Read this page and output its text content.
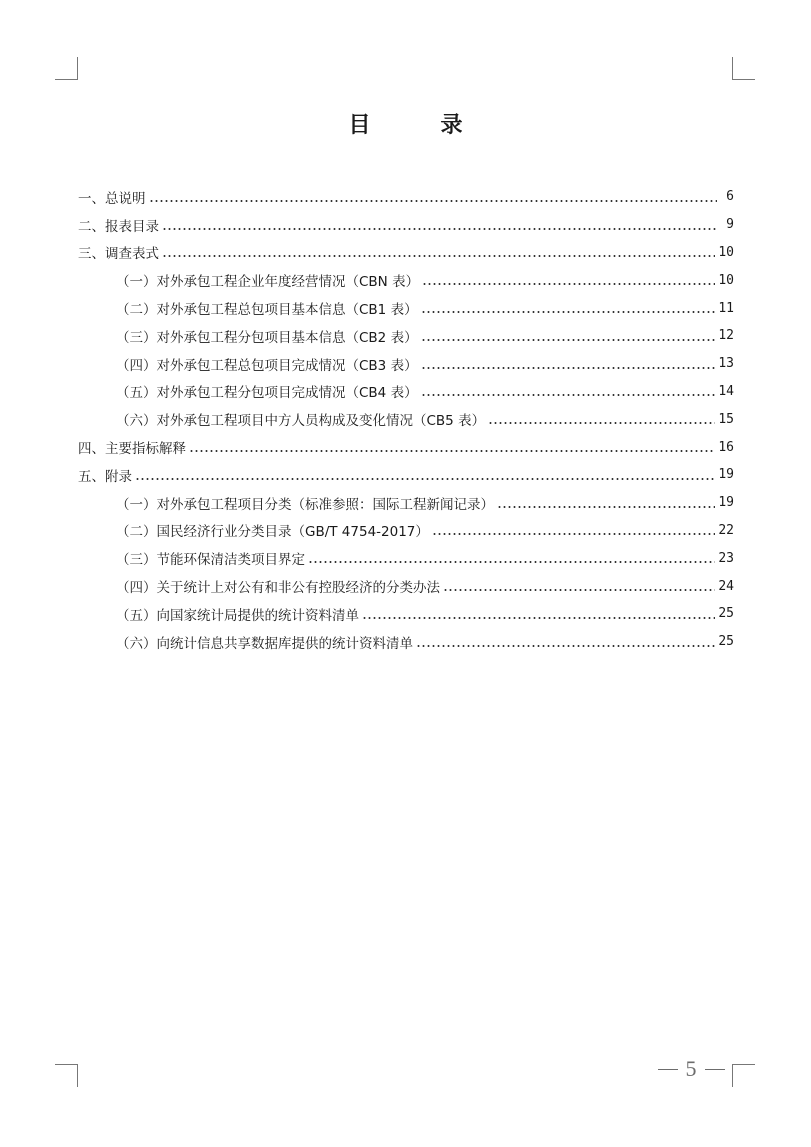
目　录
一、总说明	6
二、报表目录	9
三、调查表式	10
（一）对外承包工程企业年度经营情况（CBN 表）	10
（二）对外承包工程总包项目基本信息（CB1 表）	11
（三）对外承包工程分包项目基本信息（CB2 表）	12
（四）对外承包工程总包项目完成情况（CB3 表）	13
（五）对外承包工程分包项目完成情况（CB4 表）	14
（六）对外承包工程项目中方人员构成及变化情况（CB5 表）	15
四、主要指标解释	16
五、附录	19
（一）对外承包工程项目分类（标准参照：国际工程新闻记录）	19
（二）国民经济行业分类目录（GB/T 4754-2017）	22
（三）节能环保清洁类项目界定	23
（四）关于统计上对公有和非公有控股经济的分类办法	24
（五）向国家统计局提供的统计资料清单	25
（六）向统计信息共享数据库提供的统计资料清单	25
5
